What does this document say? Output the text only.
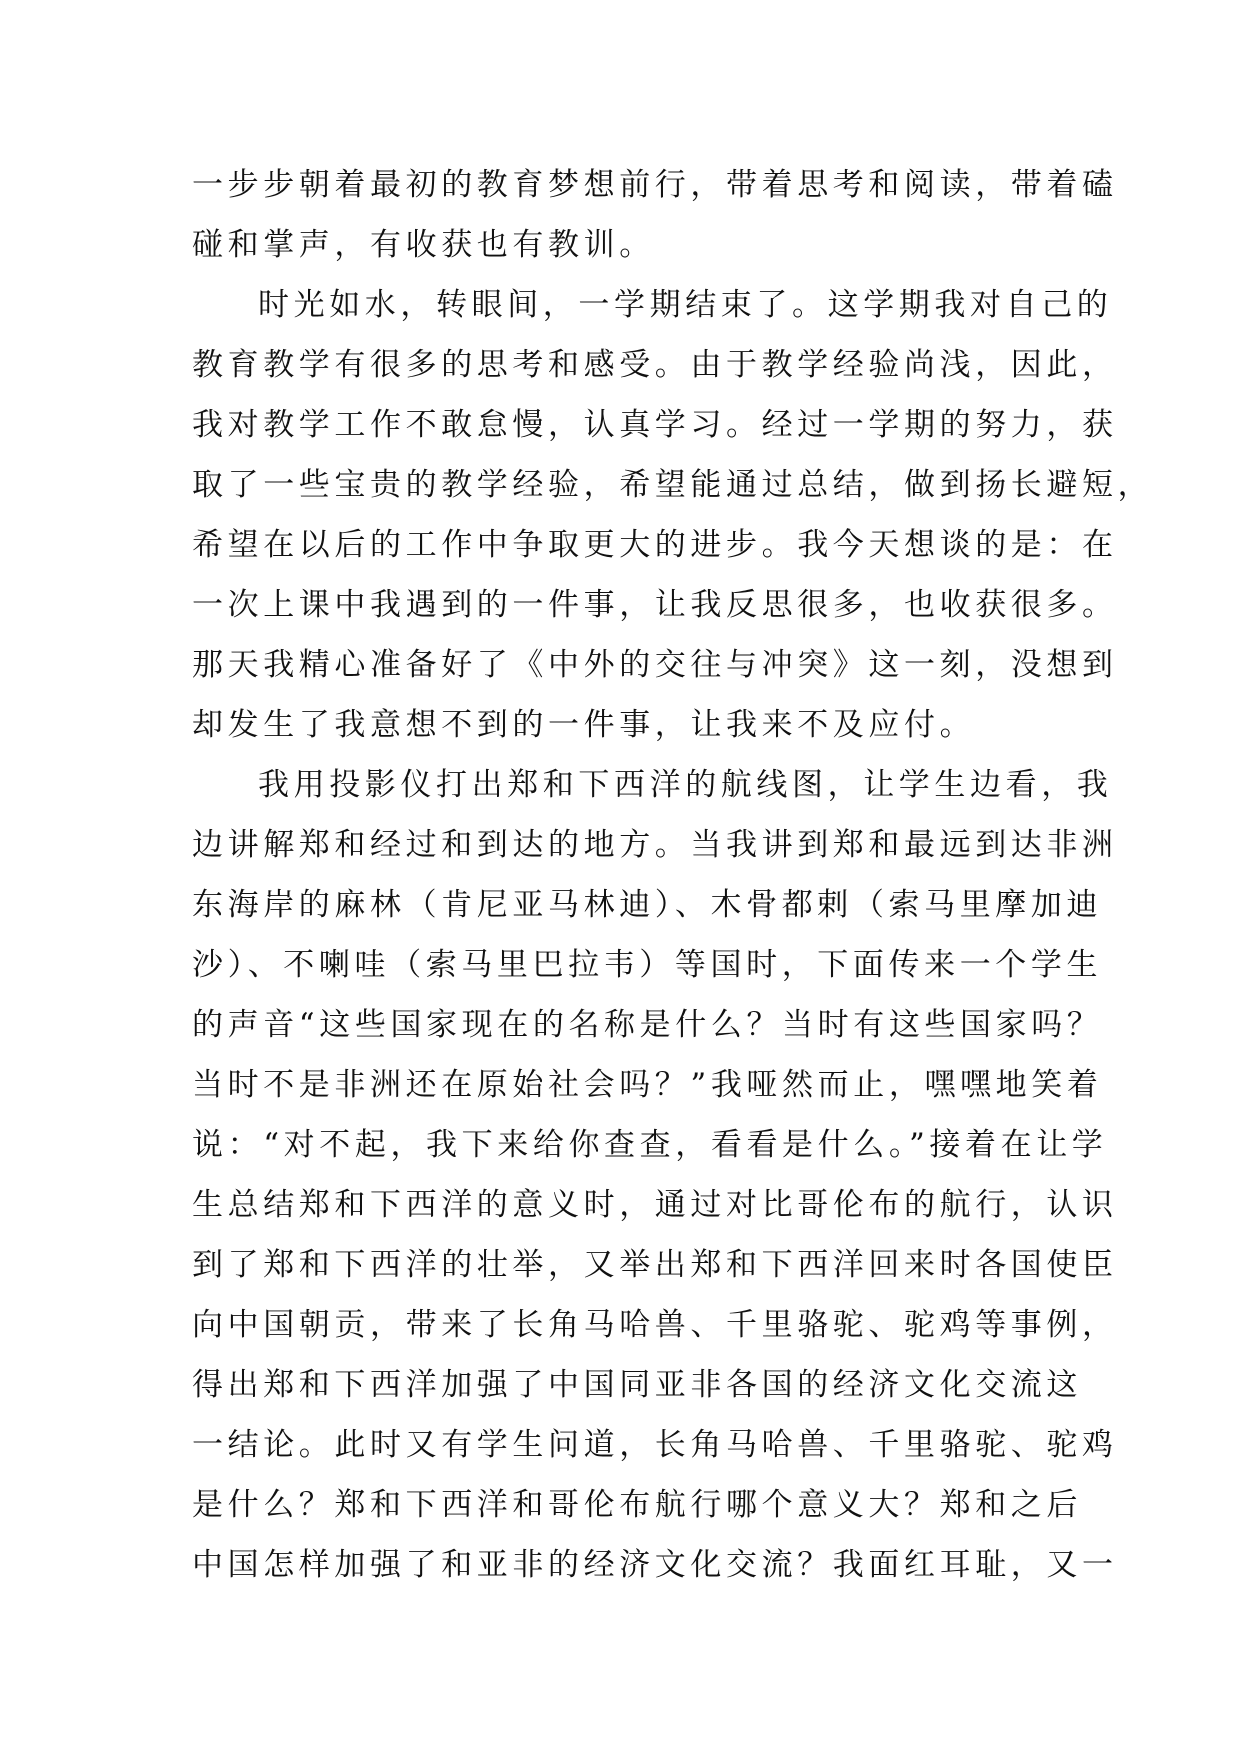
一步步朝着最初的教育梦想前行，带着思考和阅读，带着磕
碰和掌声，有收获也有教训。
时光如水，转眼间，一学期结束了。这学期我对自己的
教育教学有很多的思考和感受。由于教学经验尚浅，因此，
我对教学工作不敢怠慢，认真学习。经过一学期的努力，获
取了一些宝贵的教学经验，希望能通过总结，做到扬长避短，
希望在以后的工作中争取更大的进步。我今天想谈的是：在
一次上课中我遇到的一件事，让我反思很多，也收获很多。
那天我精心准备好了《中外的交往与冲突》这一刻，没想到
却发生了我意想不到的一件事，让我来不及应付。
我用投影仪打出郑和下西洋的航线图，让学生边看，我
边讲解郑和经过和到达的地方。当我讲到郑和最远到达非洲
东海岸的麻林（肯尼亚马林迪）、木骨都剌（索马里摩加迪
沙）、不喇哇（索马里巴拉韦）等国时，下面传来一个学生
的声音“这些国家现在的名称是什么？当时有这些国家吗？
当时不是非洲还在原始社会吗？”我哑然而止，嘿嘿地笑着
说：“对不起，我下来给你查查，看看是什么。”接着在让学
生总结郑和下西洋的意义时，通过对比哥伦布的航行，认识
到了郑和下西洋的壮举，又举出郑和下西洋回来时各国使臣
向中国朝贡，带来了长角马哈兽、千里骆驼、驼鸡等事例，
得出郑和下西洋加强了中国同亚非各国的经济文化交流这
一结论。此时又有学生问道，长角马哈兽、千里骆驼、驼鸡
是什么？郑和下西洋和哥伦布航行哪个意义大？郑和之后
中国怎样加强了和亚非的经济文化交流？我面红耳耻，又一
